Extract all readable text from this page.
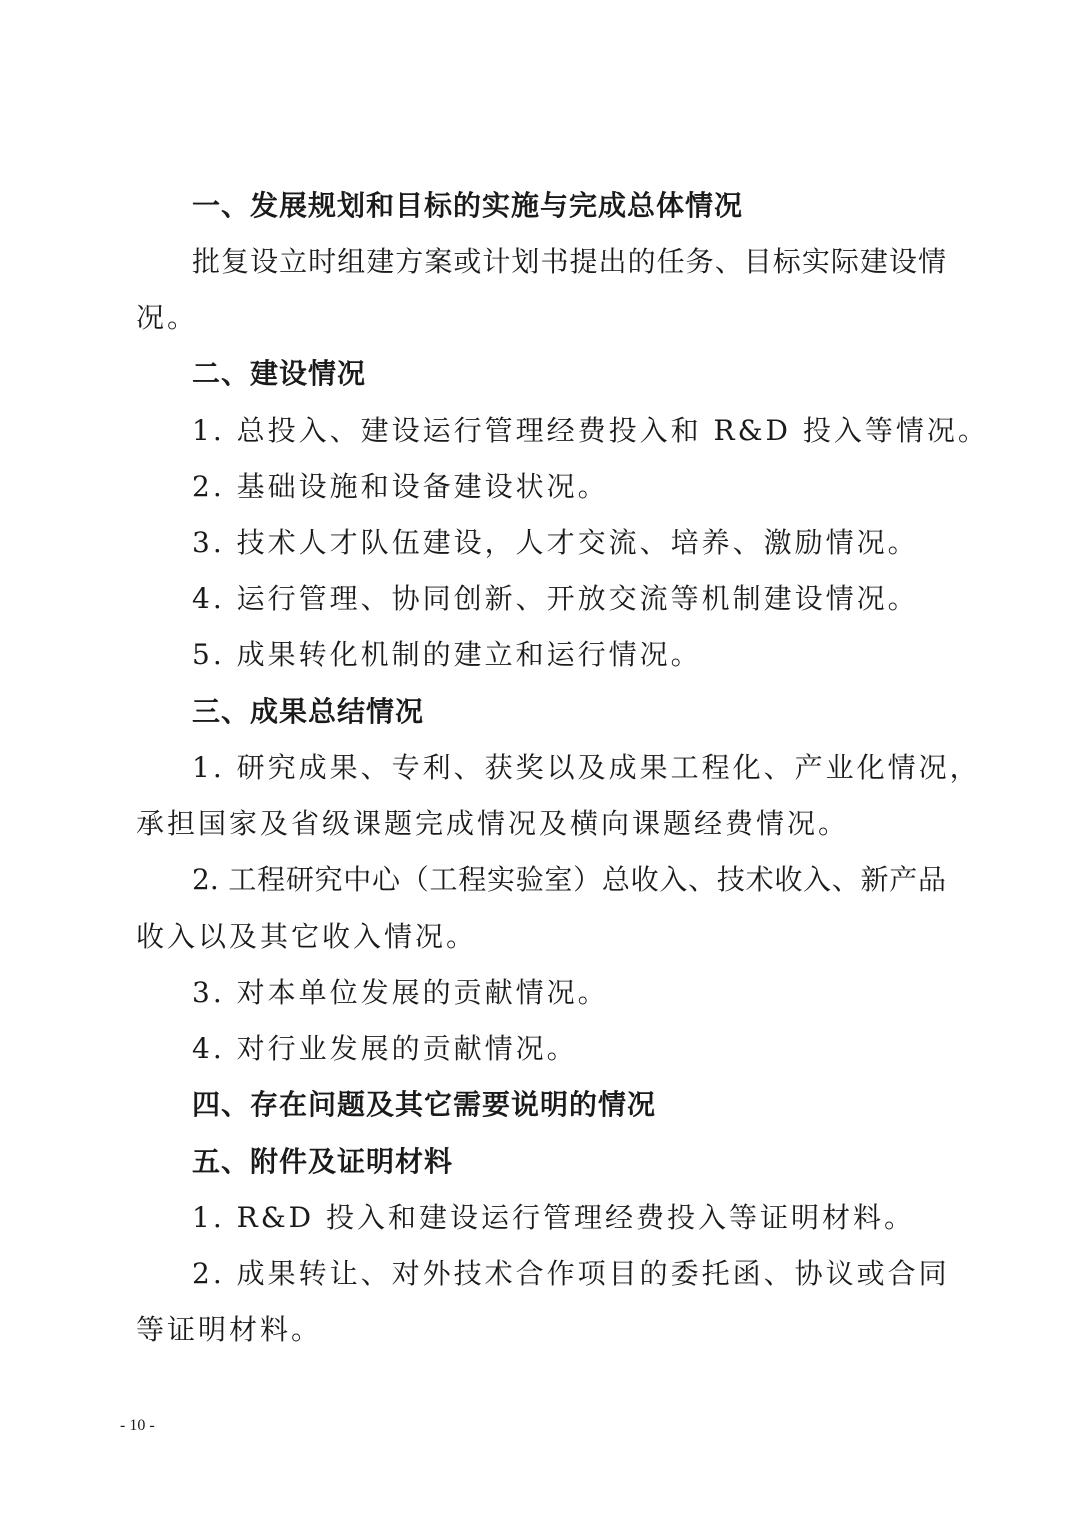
一、发展规划和目标的实施与完成总体情况
批复设立时组建方案或计划书提出的任务、目标实际建设情
况。
二、建设情况
1. 总投入、建设运行管理经费投入和 R&D 投入等情况。
2. 基础设施和设备建设状况。
3. 技术人才队伍建设，人才交流、培养、激励情况。
4. 运行管理、协同创新、开放交流等机制建设情况。
5. 成果转化机制的建立和运行情况。
三、成果总结情况
1. 研究成果、专利、获奖以及成果工程化、产业化情况，
承担国家及省级课题完成情况及横向课题经费情况。
2. 工程研究中心（工程实验室）总收入、技术收入、新产品
收入以及其它收入情况。
3. 对本单位发展的贡献情况。
4. 对行业发展的贡献情况。
四、存在问题及其它需要说明的情况
五、附件及证明材料
1. R&D 投入和建设运行管理经费投入等证明材料。
2. 成果转让、对外技术合作项目的委托函、协议或合同
等证明材料。
- 10 -
